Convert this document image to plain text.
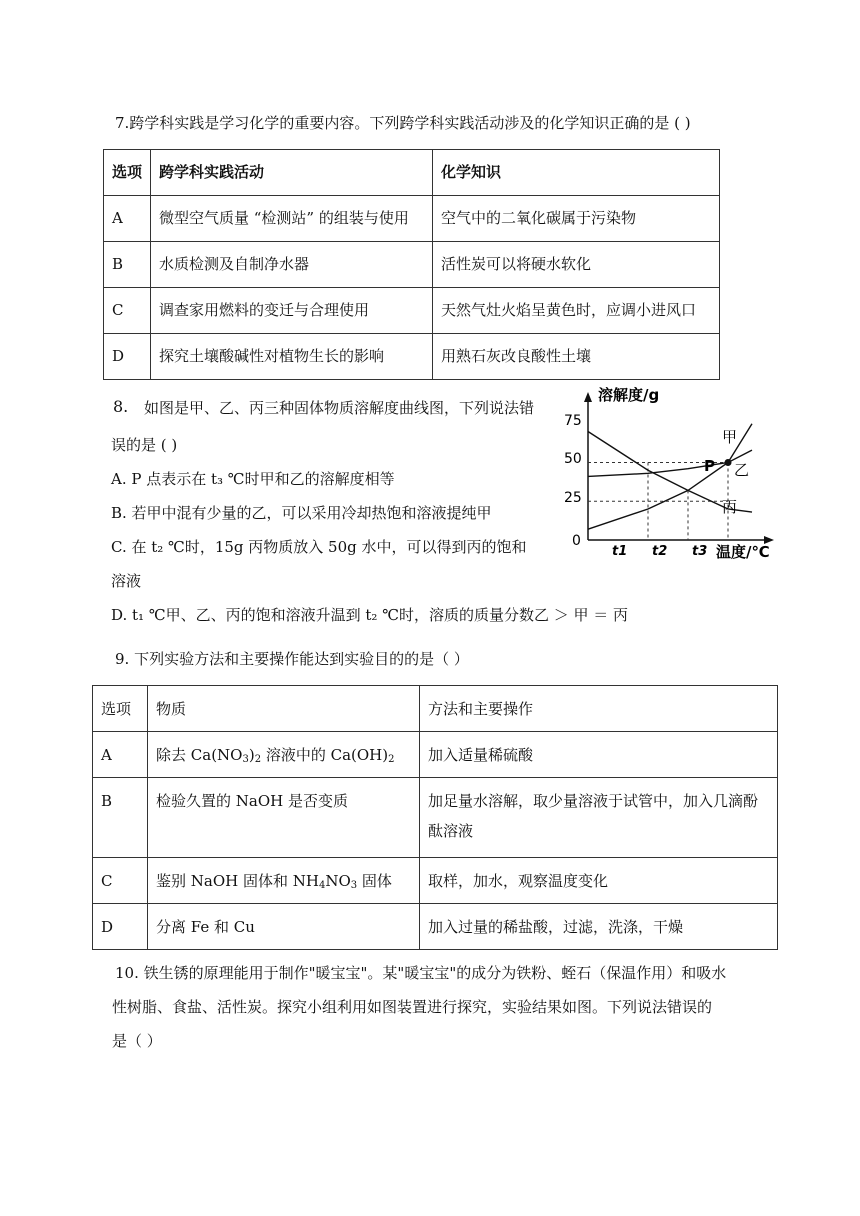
7.跨学科实践是学习化学的重要内容。下列跨学科实践活动涉及的化学知识正确的是 ( )
选项	跨学科实践活动	化学知识
A	微型空气质量 “检测站” 的组装与使用	空气中的二氧化碳属于污染物
B	水质检测及自制净水器	活性炭可以将硬水软化
C	调查家用燃料的变迁与合理使用	天然气灶火焰呈黄色时，应调小进风口
D	探究土壤酸碱性对植物生长的影响	用熟石灰改良酸性土壤
8. 如图是甲、乙、丙三种固体物质溶解度曲线图，下列说法错
误的是 ( )
A. P 点表示在 t₃ ℃时甲和乙的溶解度相等
B. 若甲中混有少量的乙，可以采用冷却热饱和溶液提纯甲
C. 在 t₂ ℃时，15g 丙物质放入 50g 水中，可以得到丙的饱和
溶液
D. t₁ ℃甲、乙、丙的饱和溶液升温到 t₂ ℃时，溶质的质量分数乙 ＞ 甲 ＝ 丙
溶解度/g
温度/℃
75
50
25
0
t1 t2 t3
甲
乙
丙
P
9. 下列实验方法和主要操作能达到实验目的的是（ ）
选项	物质	方法和主要操作
A	除去 $Ca(NO_3)_2$ 溶液中的 $Ca(OH)_2$	加入适量稀硫酸
B	检验久置的 NaOH 是否变质	加足量水溶解，取少量溶液于试管中，加入几滴酚酞溶液
C	鉴别 NaOH 固体和 $NH_4NO_3$ 固体	取样，加水，观察温度变化
D	分离 Fe 和 Cu	加入过量的稀盐酸，过滤，洗涤，干燥
10. 铁生锈的原理能用于制作"暖宝宝"。某"暖宝宝"的成分为铁粉、蛭石（保温作用）和吸水
性树脂、食盐、活性炭。探究小组利用如图装置进行探究，实验结果如图。下列说法错误的
是（ ）
